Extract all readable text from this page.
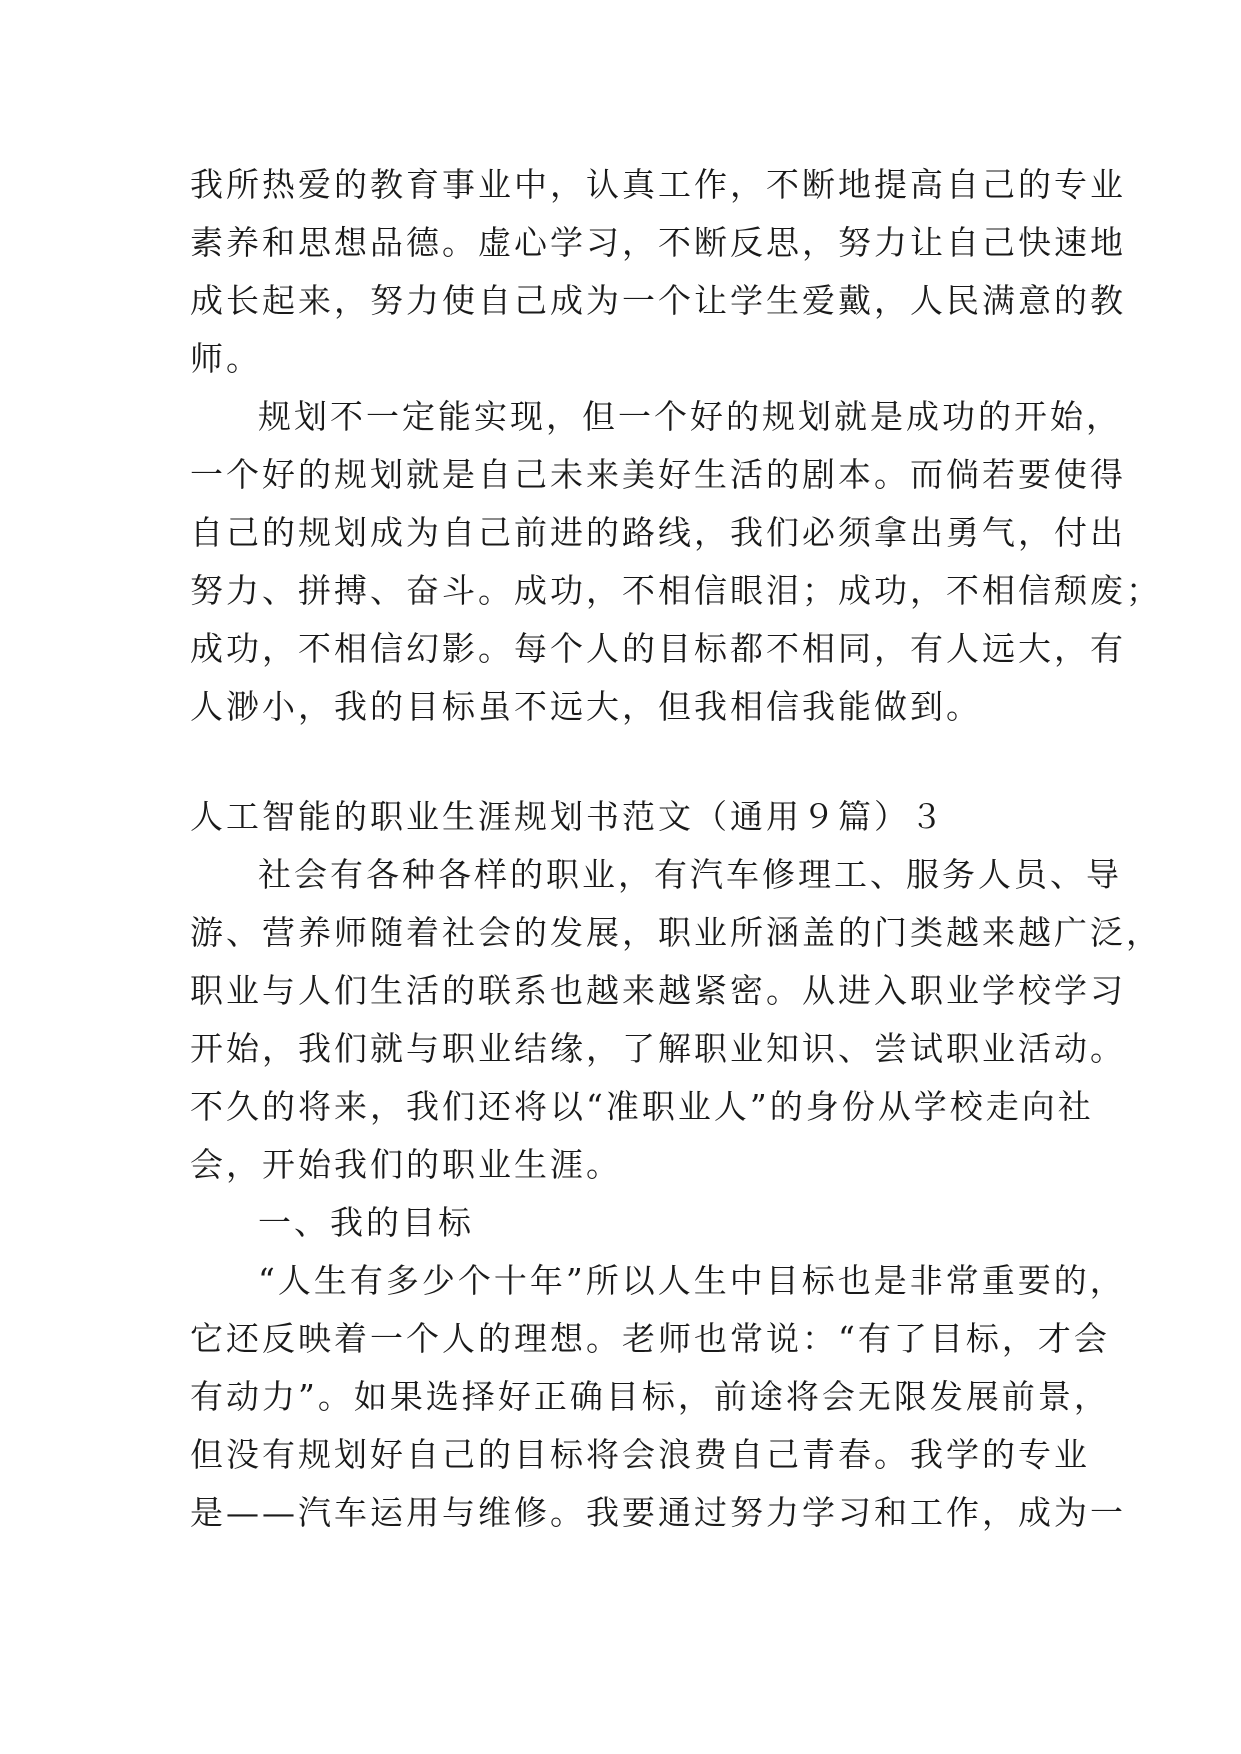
我所热爱的教育事业中，认真工作，不断地提高自己的专业
素养和思想品德。虚心学习，不断反思，努力让自己快速地
成长起来，努力使自己成为一个让学生爱戴，人民满意的教
师。
规划不一定能实现，但一个好的规划就是成功的开始，
一个好的规划就是自己未来美好生活的剧本。而倘若要使得
自己的规划成为自己前进的路线，我们必须拿出勇气，付出
努力、拼搏、奋斗。成功，不相信眼泪；成功，不相信颓废；
成功，不相信幻影。每个人的目标都不相同，有人远大，有
人渺小，我的目标虽不远大，但我相信我能做到。
人工智能的职业生涯规划书范文（通用９篇）３
社会有各种各样的职业，有汽车修理工、服务人员、导
游、营养师随着社会的发展，职业所涵盖的门类越来越广泛，
职业与人们生活的联系也越来越紧密。从进入职业学校学习
开始，我们就与职业结缘，了解职业知识、尝试职业活动。
不久的将来，我们还将以“准职业人”的身份从学校走向社
会，开始我们的职业生涯。
一、我的目标
“人生有多少个十年”所以人生中目标也是非常重要的，
它还反映着一个人的理想。老师也常说：“有了目标，才会
有动力”。如果选择好正确目标，前途将会无限发展前景，
但没有规划好自己的目标将会浪费自己青春。我学的专业
是——汽车运用与维修。我要通过努力学习和工作，成为一
